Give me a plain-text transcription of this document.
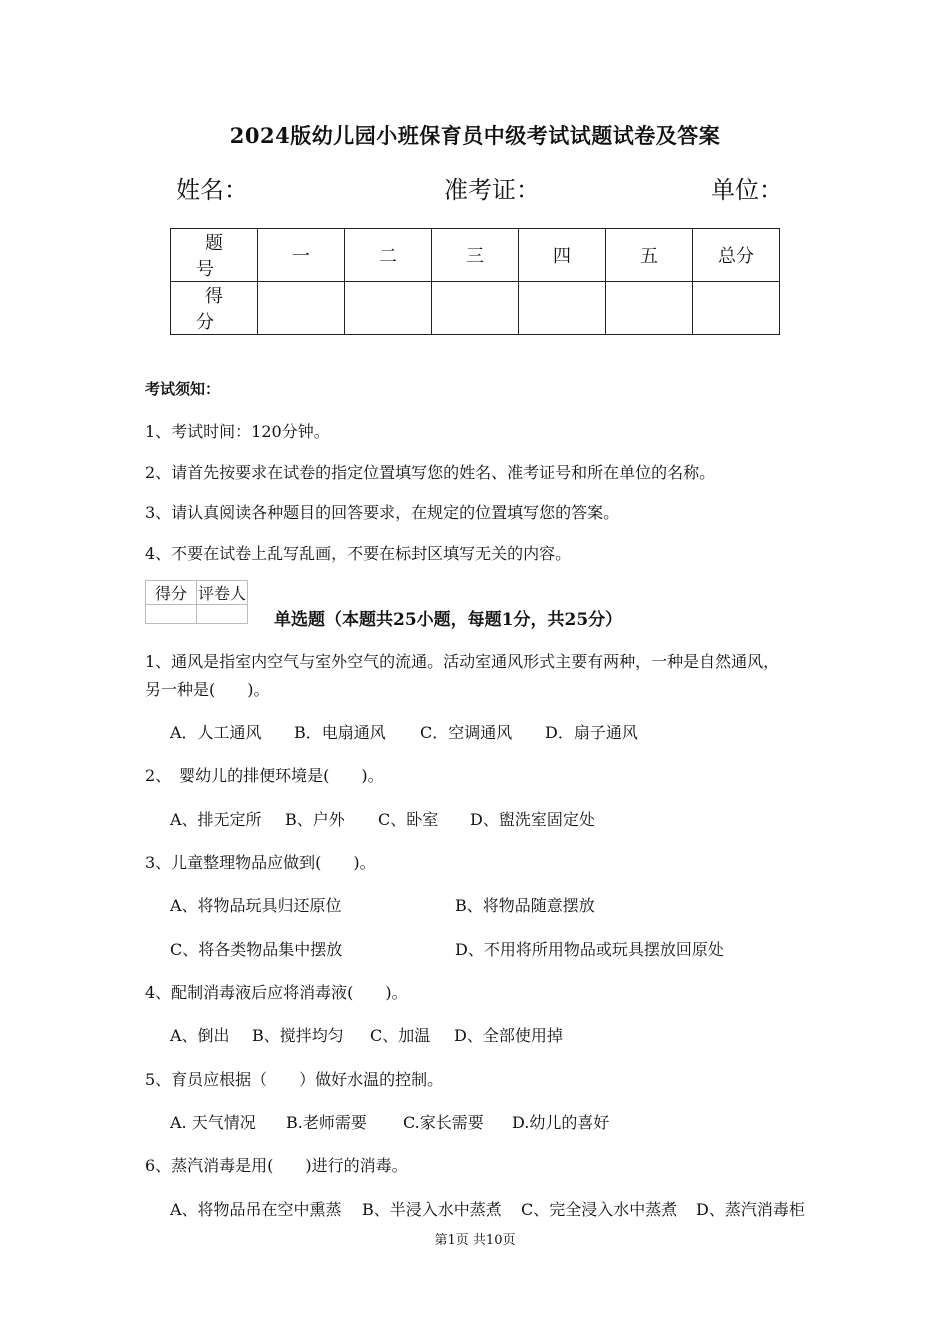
2024版幼儿园小班保育员中级考试试题试卷及答案
姓名：	准考证：	单位：
题号	一	二	三	四	五	总分
得分						
考试须知：
1、考试时间：120分钟。
2、请首先按要求在试卷的指定位置填写您的姓名、准考证号和所在单位的名称。
3、请认真阅读各种题目的回答要求，在规定的位置填写您的答案。
4、不要在试卷上乱写乱画，不要在标封区填写无关的内容。
得分	评卷人

单选题（本题共25小题，每题1分，共25分）
1、通风是指室内空气与室外空气的流通。活动室通风形式主要有两种，一种是自然通风，
另一种是(　　)。
A．人工通风 B．电扇通风 C．空调通风 D．扇子通风
2、　婴幼儿的排便环境是(　　)。
A、排无定所 B、户外 C、卧室 D、盥洗室固定处
3、儿童整理物品应做到(　　)。
A、将物品玩具归还原位	B、将物品随意摆放
C、将各类物品集中摆放	D、不用将所用物品或玩具摆放回原处
4、配制消毒液后应将消毒液(　　)。
A、倒出 B、搅拌均匀 C、加温 D、全部使用掉
5、育员应根据（　　）做好水温的控制。
A. 天气情况 B.老师需要 C.家长需要 D.幼儿的喜好
6、蒸汽消毒是用(　　)进行的消毒。
A、将物品吊在空中熏蒸 B、半浸入水中蒸煮 C、完全浸入水中蒸煮 D、蒸汽消毒柜
第1页 共10页
